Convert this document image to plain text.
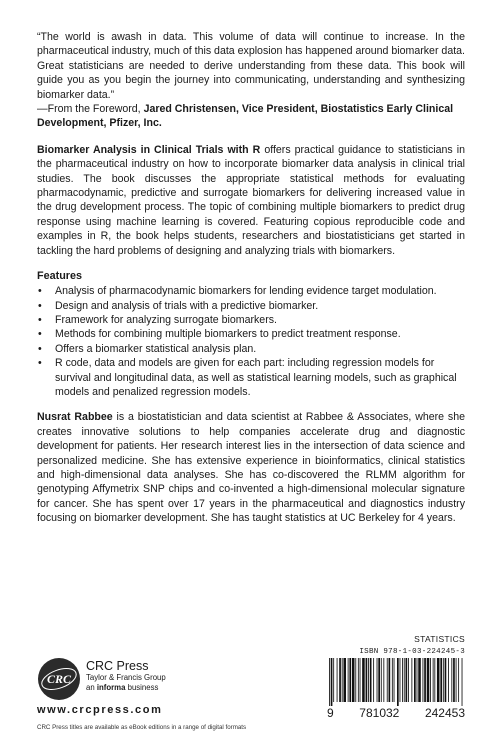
“The world is awash in data. This volume of data will continue to increase. In the pharmaceutical industry, much of this data explosion has happened around biomarker data. Great statisticians are needed to derive understanding from these data. This book will guide you as you begin the journey into communicating, understanding and synthesizing biomarker data.”

—From the Foreword, Jared Christensen, Vice President, Biostatistics Early Clinical Development, Pfizer, Inc.

Biomarker Analysis in Clinical Trials with R offers practical guidance to statisticians in the pharmaceutical industry on how to incorporate biomarker data analysis in clinical trial studies. The book discusses the appropriate statistical methods for evaluating pharmacodynamic, predictive and surrogate biomarkers for delivering increased value in the drug development process. The topic of combining multiple biomarkers to predict drug response using machine learning is covered. Featuring copious reproducible code and examples in R, the book helps students, researchers and biostatisticians get started in tackling the hard problems of designing and analyzing trials with biomarkers.

Features
• Analysis of pharmacodynamic biomarkers for lending evidence target modulation.
• Design and analysis of trials with a predictive biomarker.
• Framework for analyzing surrogate biomarkers.
• Methods for combining multiple biomarkers to predict treatment response.
• Offers a biomarker statistical analysis plan.
• R code, data and models are given for each part: including regression models for survival and longitudinal data, as well as statistical learning models, such as graphical models and penalized regression models.

Nusrat Rabbee is a biostatistician and data scientist at Rabbee & Associates, where she creates innovative solutions to help companies accelerate drug and diagnostic development for patients. Her research interest lies in the intersection of data science and personalized medicine. She has extensive experience in bioinformatics, clinical statistics and high-dimensional data analyses. She has co-discovered the RLMM algorithm for genotyping Affymetrix SNP chips and co-invented a high-dimensional molecular signature for cancer. She has spent over 17 years in the pharmaceutical and diagnostics industry focusing on biomarker development. She has taught statistics at UC Berkeley for 4 years.

STATISTICS
ISBN 978-1-03-224245-3
9 781032 242453
CRC
CRC Press
Taylor & Francis Group
an informa business
www.crcpress.com
CRC Press titles are available as eBook editions in a range of digital formats
